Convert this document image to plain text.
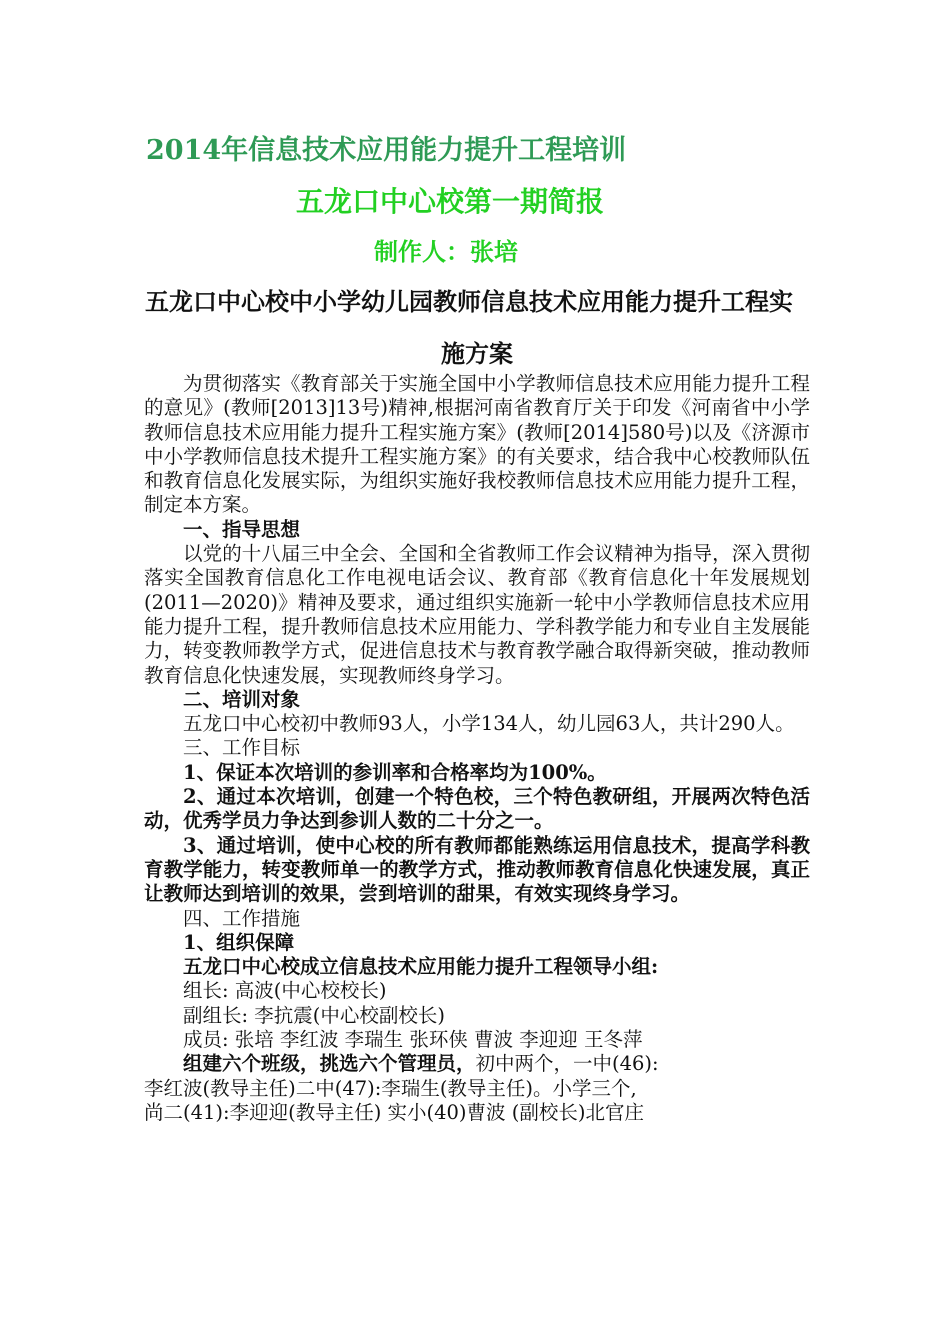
2014年信息技术应用能力提升工程培训
五龙口中心校第一期简报
制作人：张培
五龙口中心校中小学幼儿园教师信息技术应用能力提升工程实
施方案

为贯彻落实《教育部关于实施全国中小学教师信息技术应用能力提升工程的意见》(教师[2013]13号)精神,根据河南省教育厅关于印发《河南省中小学教师信息技术应用能力提升工程实施方案》(教师[2014]580号)以及《济源市中小学教师信息技术提升工程实施方案》的有关要求，结合我中心校教师队伍和教育信息化发展实际，为组织实施好我校教师信息技术应用能力提升工程，制定本方案。

一、指导思想

以党的十八届三中全会、全国和全省教师工作会议精神为指导，深入贯彻落实全国教育信息化工作电视电话会议、教育部《教育信息化十年发展规划(2011—2020)》精神及要求，通过组织实施新一轮中小学教师信息技术应用能力提升工程，提升教师信息技术应用能力、学科教学能力和专业自主发展能力，转变教师教学方式，促进信息技术与教育教学融合取得新突破，推动教师教育信息化快速发展，实现教师终身学习。

二、培训对象

五龙口中心校初中教师93人，小学134人，幼儿园63人，共计290人。

三、工作目标

1、保证本次培训的参训率和合格率均为100%。

2、通过本次培训，创建一个特色校，三个特色教研组，开展两次特色活动，优秀学员力争达到参训人数的二十分之一。

3、通过培训，使中心校的所有教师都能熟练运用信息技术，提高学科教育教学能力，转变教师单一的教学方式，推动教师教育信息化快速发展，真正让教师达到培训的效果，尝到培训的甜果，有效实现终身学习。

四、工作措施

1、组织保障

五龙口中心校成立信息技术应用能力提升工程领导小组:

组长: 高波(中心校校长)

副组长: 李抗震(中心校副校长)

成员: 张培 李红波 李瑞生 张环侠 曹波 李迎迎 王冬萍

组建六个班级，挑选六个管理员，初中两个，一中(46):
李红波(教导主任)二中(47):李瑞生(教导主任)。小学三个,
尚二(41):李迎迎(教导主任) 实小(40)曹波 (副校长)北官庄
